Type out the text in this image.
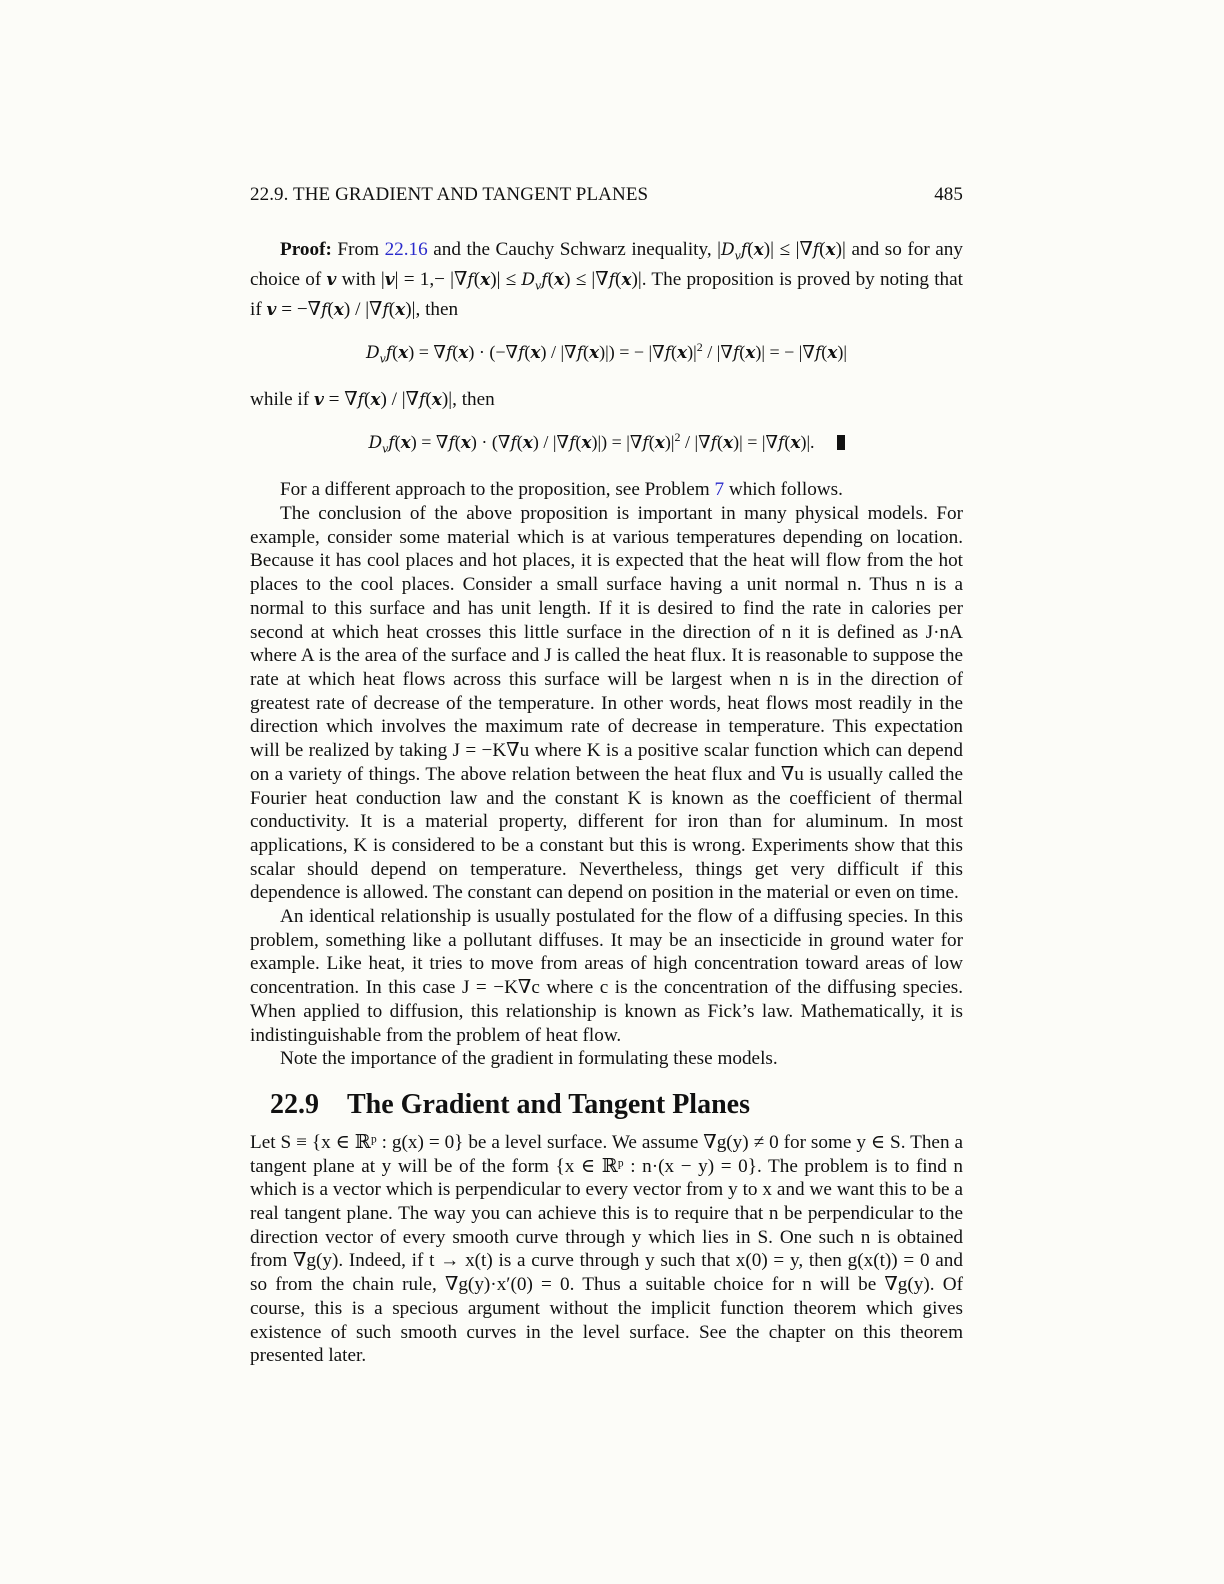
22.9. THE GRADIENT AND TANGENT PLANES	485

Proof: From 22.16 and the Cauchy Schwarz inequality, $|D_vf(x)| \le |\nabla f(x)|$ and so for any choice of v with $|v| = 1,- |\nabla f(x)| \le D_vf(x) \le |\nabla f(x)|$. The proposition is proved by noting that if v = −∇f(x) / |∇f(x)|, then

$D_vf(x) = \nabla f(x) \cdot (-\nabla f(x) / |\nabla f(x)|)$ = − $|\nabla f(x)|^2 / |\nabla f(x)|$ = − |∇f(x)|

while if v = ∇f(x) / |∇f(x)|, then

$D_vf(x) = \nabla f(x) \cdot (\nabla f(x) / |\nabla f(x)|) = |\nabla f(x)|^2 / |\nabla f(x)| = |\nabla f(x)|$.

For a different approach to the proposition, see Problem 7 which follows.

The conclusion of the above proposition is important in many physical models. For example, consider some material which is at various temperatures depending on location. Because it has cool places and hot places, it is expected that the heat will flow from the hot places to the cool places. Consider a small surface having a unit normal n. Thus n is a normal to this surface and has unit length. If it is desired to find the rate in calories per second at which heat crosses this little surface in the direction of n it is defined as J·nA where A is the area of the surface and J is called the heat flux. It is reasonable to suppose the rate at which heat flows across this surface will be largest when n is in the direction of greatest rate of decrease of the temperature. In other words, heat flows most readily in the direction which involves the maximum rate of decrease in temperature. This expectation will be realized by taking J = −K∇u where K is a positive scalar function which can depend on a variety of things. The above relation between the heat flux and ∇u is usually called the Fourier heat conduction law and the constant K is known as the coefficient of thermal conductivity. It is a material property, different for iron than for aluminum. In most applications, K is considered to be a constant but this is wrong. Experiments show that this scalar should depend on temperature. Nevertheless, things get very difficult if this dependence is allowed. The constant can depend on position in the material or even on time.

An identical relationship is usually postulated for the flow of a diffusing species. In this problem, something like a pollutant diffuses. It may be an insecticide in ground water for example. Like heat, it tries to move from areas of high concentration toward areas of low concentration. In this case J = −K∇c where c is the concentration of the diffusing species. When applied to diffusion, this relationship is known as Fick’s law. Mathematically, it is indistinguishable from the problem of heat flow.

Note the importance of the gradient in formulating these models.

22.9 The Gradient and Tangent Planes

Let S ≡ {x ∈ ℝᵖ : g(x) = 0} be a level surface. We assume ∇g(y) ≠ 0 for some y ∈ S. Then a tangent plane at y will be of the form {x ∈ ℝᵖ : n·(x − y) = 0}. The problem is to find n which is a vector which is perpendicular to every vector from y to x and we want this to be a real tangent plane. The way you can achieve this is to require that n be perpendicular to the direction vector of every smooth curve through y which lies in S. One such n is obtained from ∇g(y). Indeed, if t → x(t) is a curve through y such that x(0) = y, then g(x(t)) = 0 and so from the chain rule, ∇g(y)·x′(0) = 0. Thus a suitable choice for n will be ∇g(y). Of course, this is a specious argument without the implicit function theorem which gives existence of such smooth curves in the level surface. See the chapter on this theorem presented later.
